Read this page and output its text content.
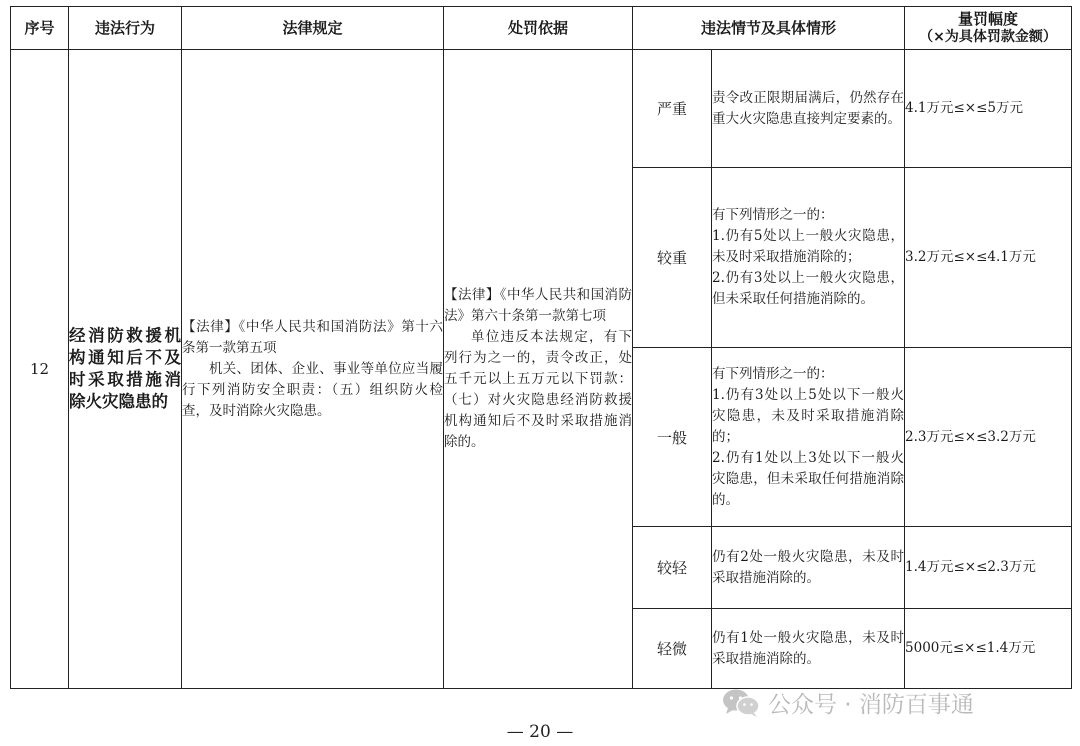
序号	违法行为	法律规定	处罚依据	违法情节及具体情形		量罚幅度
（×为具体罚款金额）

12	经消防救援机构通知后不及时采取措施消除火灾隐患的	【法律】《中华人民共和国消防法》第十六条第一款第五项
机关、团体、企业、事业等单位应当履行下列消防安全职责：（五）组织防火检查，及时消除火灾隐患。	【法律】《中华人民共和国消防法》第六十条第一款第七项
单位违反本法规定，有下列行为之一的，责令改正，处五千元以上五万元以下罚款：（七）对火灾隐患经消防救援机构通知后不及时采取措施消除的。	严重	责令改正限期届满后，仍然存在重大火灾隐患直接判定要素的。	4.1万元≤×≤5万元
				较重	有下列情形之一的：
1.仍有5处以上一般火灾隐患，未及时采取措施消除的；
2.仍有3处以上一般火灾隐患，但未采取任何措施消除的。	3.2万元≤×≤4.1万元
				一般	有下列情形之一的：
1.仍有3处以上5处以下一般火灾隐患，未及时采取措施消除的；
2.仍有1处以上3处以下一般火灾隐患，但未采取任何措施消除的。	2.3万元≤×≤3.2万元
				较轻	仍有2处一般火灾隐患，未及时采取措施消除的。	1.4万元≤×≤2.3万元
				轻微	仍有1处一般火灾隐患，未及时采取措施消除的。	5000元≤×≤1.4万元
公众号 · 消防百事通
— 20 —
